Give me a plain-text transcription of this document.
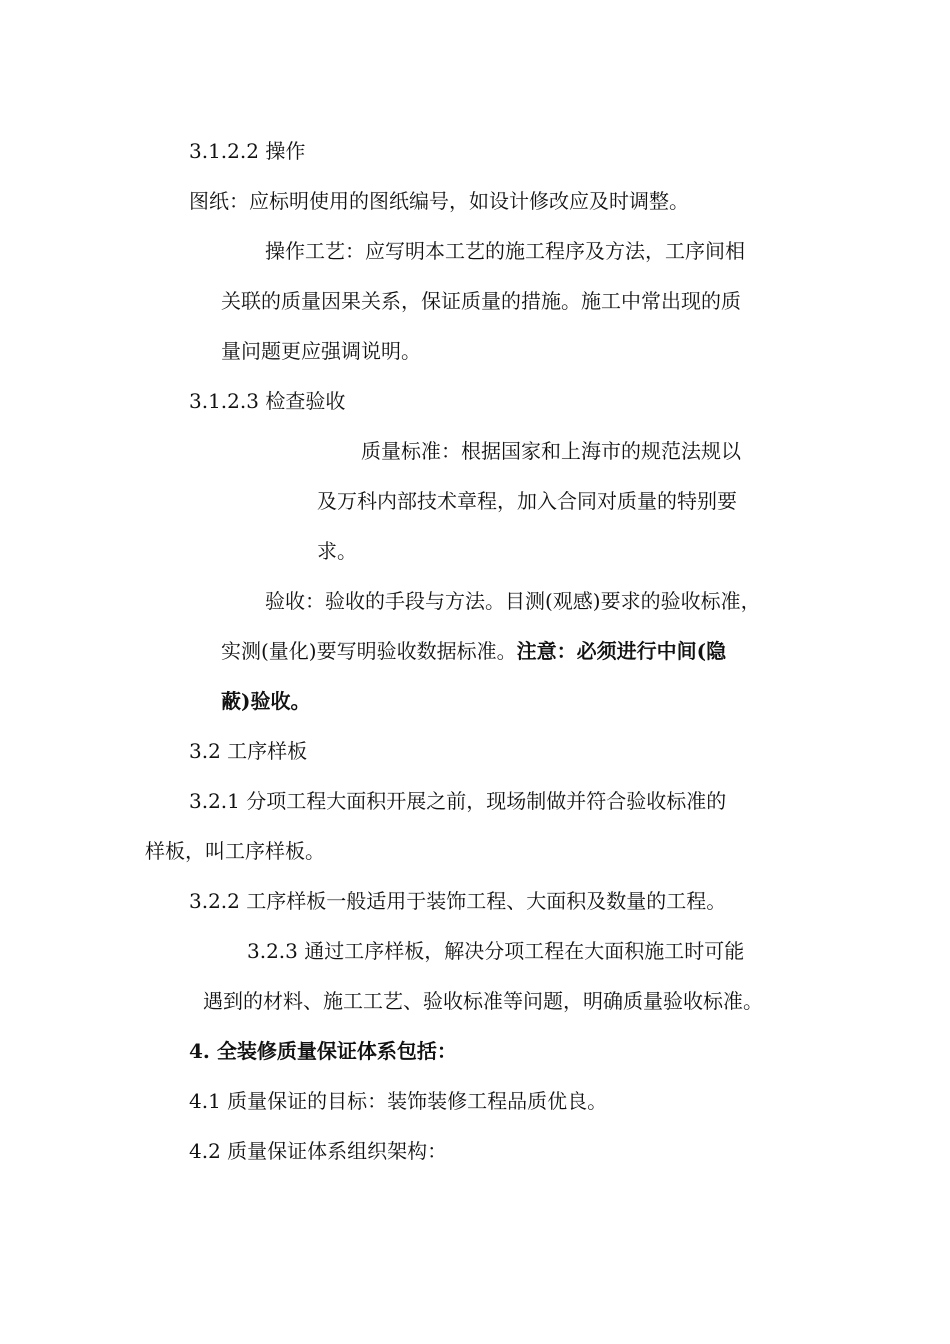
3.1.2.2 操作
图纸：应标明使用的图纸编号，如设计修改应及时调整。
操作工艺：应写明本工艺的施工程序及方法，工序间相
关联的质量因果关系，保证质量的措施。施工中常出现的质
量问题更应强调说明。
3.1.2.3 检查验收
质量标准：根据国家和上海市的规范法规以
及万科内部技术章程，加入合同对质量的特别要
求。
验收：验收的手段与方法。目测(观感)要求的验收标准，
实测(量化)要写明验收数据标准。注意：必须进行中间(隐
蔽)验收。
3.2 工序样板
3.2.1 分项工程大面积开展之前，现场制做并符合验收标准的
样板，叫工序样板。
3.2.2 工序样板一般适用于装饰工程、大面积及数量的工程。
3.2.3 通过工序样板，解决分项工程在大面积施工时可能
遇到的材料、施工工艺、验收标准等问题，明确质量验收标准。
4. 全装修质量保证体系包括：
4.1 质量保证的目标：装饰装修工程品质优良。
4.2 质量保证体系组织架构：
